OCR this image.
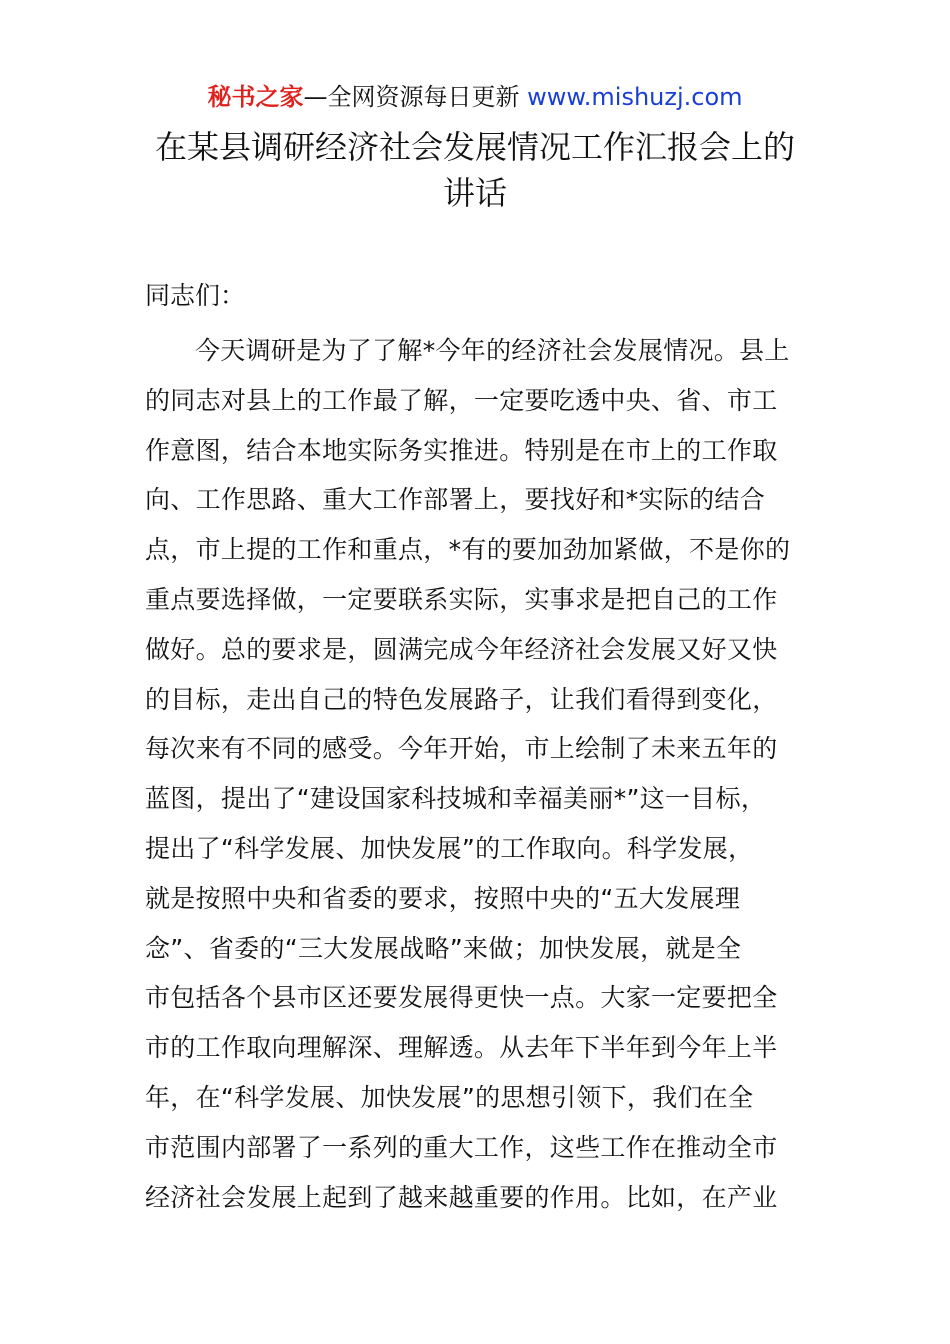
秘书之家—全网资源每日更新 www.mishuzj.com
在某县调研经济社会发展情况工作汇报会上的
讲话

同志们：

今天调研是为了了解*今年的经济社会发展情况。县上
的同志对县上的工作最了解，一定要吃透中央、省、市工
作意图，结合本地实际务实推进。特别是在市上的工作取
向、工作思路、重大工作部署上，要找好和*实际的结合
点，市上提的工作和重点，*有的要加劲加紧做，不是你的
重点要选择做，一定要联系实际，实事求是把自己的工作
做好。总的要求是，圆满完成今年经济社会发展又好又快
的目标，走出自己的特色发展路子，让我们看得到变化，
每次来有不同的感受。今年开始，市上绘制了未来五年的
蓝图，提出了“建设国家科技城和幸福美丽*”这一目标，
提出了“科学发展、加快发展”的工作取向。科学发展，
就是按照中央和省委的要求，按照中央的“五大发展理
念”、省委的“三大发展战略”来做；加快发展，就是全
市包括各个县市区还要发展得更快一点。大家一定要把全
市的工作取向理解深、理解透。从去年下半年到今年上半
年，在“科学发展、加快发展”的思想引领下，我们在全
市范围内部署了一系列的重大工作，这些工作在推动全市
经济社会发展上起到了越来越重要的作用。比如，在产业
